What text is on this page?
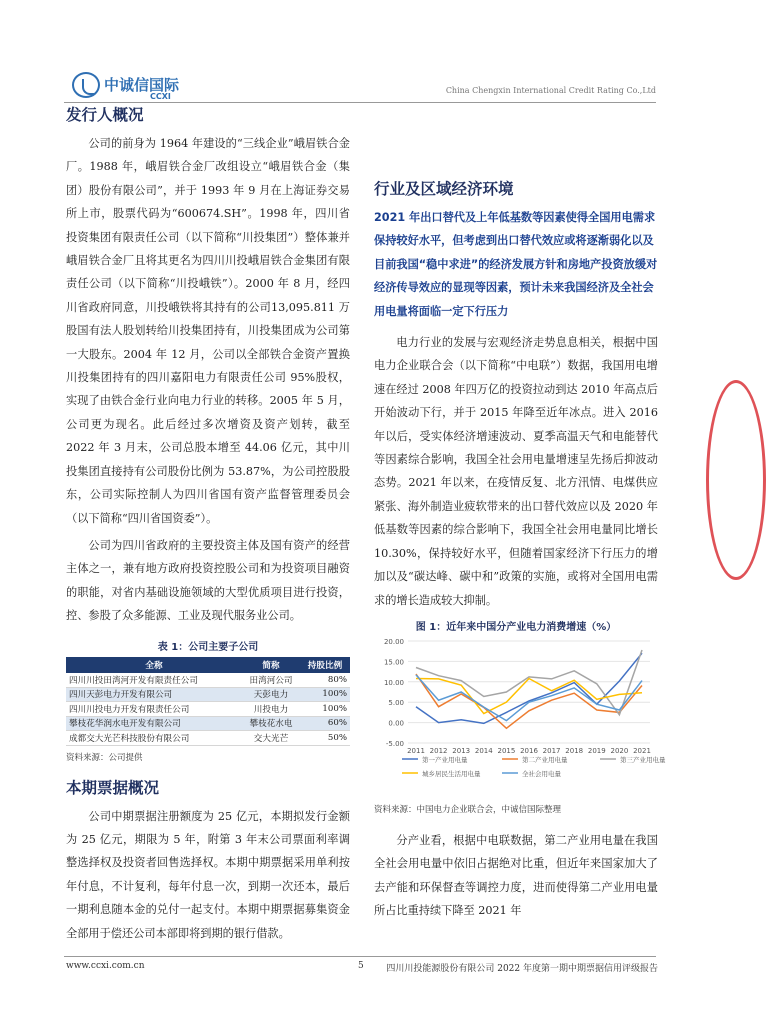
中诚信国际
CCXI
China Chengxin International Credit Rating Co.,Ltd
发行人概况

公司的前身为 1964 年建设的“三线企业”峨眉铁合金厂。1988 年，峨眉铁合金厂改组设立“峨眉铁合金（集团）股份有限公司”，并于 1993 年 9 月在上海证券交易所上市，股票代码为“600674.SH”。1998 年，四川省投资集团有限责任公司（以下简称“川投集团”）整体兼并峨眉铁合金厂且将其更名为四川川投峨眉铁合金集团有限责任公司（以下简称“川投峨铁”）。2000 年 8 月，经四川省政府同意，川投峨铁将其持有的公司13,095.811 万股国有法人股划转给川投集团持有，川投集团成为公司第一大股东。2004 年 12 月，公司以全部铁合金资产置换川投集团持有的四川嘉阳电力有限责任公司 95%股权，实现了由铁合金行业向电力行业的转移。2005 年 5 月，公司更为现名。此后经过多次增资及资产划转，截至 2022 年 3 月末，公司总股本增至 44.06 亿元，其中川投集团直接持有公司股份比例为 53.87%，为公司控股股东，公司实际控制人为四川省国有资产监督管理委员会（以下简称“四川省国资委”）。

公司为四川省政府的主要投资主体及国有资产的经营主体之一，兼有地方政府投资控股公司和为投资项目融资的职能，对省内基础设施领域的大型优质项目进行投资，控、参股了众多能源、工业及现代服务业公司。

表 1：公司主要子公司
全称	简称	持股比例
四川川投田湾河开发有限责任公司	田湾河公司	80%
四川天彭电力开发有限公司	天彭电力	100%
四川川投电力开发有限责任公司	川投电力	100%
攀枝花华润水电开发有限公司	攀枝花水电	60%
成都交大光芒科技股份有限公司	交大光芒	50%
资料来源：公司提供
本期票据概况

公司中期票据注册额度为 25 亿元，本期拟发行金额为 25 亿元，期限为 5 年，附第 3 年末公司票面利率调整选择权及投资者回售选择权。本期中期票据采用单利按年付息，不计复利，每年付息一次，到期一次还本，最后一期利息随本金的兑付一起支付。本期中期票据募集资金全部用于偿还公司本部即将到期的银行借款。

行业及区域经济环境

2021 年出口替代及上年低基数等因素使得全国用电需求保持较好水平，但考虑到出口替代效应或将逐渐弱化以及目前我国“稳中求进”的经济发展方针和房地产投资放缓对经济传导效应的显现等因素，预计未来我国经济及全社会用电量将面临一定下行压力

电力行业的发展与宏观经济走势息息相关，根据中国电力企业联合会（以下简称“中电联”）数据，我国用电增速在经过 2008 年四万亿的投资拉动到达 2010 年高点后开始波动下行，并于 2015 年降至近年冰点。进入 2016 年以后，受实体经济增速波动、夏季高温天气和电能替代等因素综合影响，我国全社会用电量增速呈先扬后抑波动态势。2021 年以来，在疫情反复、北方汛情、电煤供应紧张、海外制造业疲软带来的出口替代效应以及 2020 年低基数等因素的综合影响下，我国全社会用电量同比增长 10.30%，保持较好水平，但随着国家经济下行压力的增加以及“碳达峰、碳中和”政策的实施，或将对全国用电需求的增长造成较大抑制。

图 1：近年来中国分产业电力消费增速（%）
20.00
15.00
10.00
5.00
0.00
-5.00
2011 2012 2013 2014 2015 2016 2017 2018 2019 2020 2021
第一产业用电量	第二产业用电量	第三产业用电量
城乡居民生活用电量	全社会用电量
资料来源：中国电力企业联合会，中诚信国际整理

分产业看，根据中电联数据，第二产业用电量在我国全社会用电量中依旧占据绝对比重，但近年来国家加大了去产能和环保督查等调控力度，进而使得第二产业用电量所占比重持续下降至 2021 年

www.ccxi.com.cn	5	四川川投能源股份有限公司 2022 年度第一期中期票据信用评级报告
